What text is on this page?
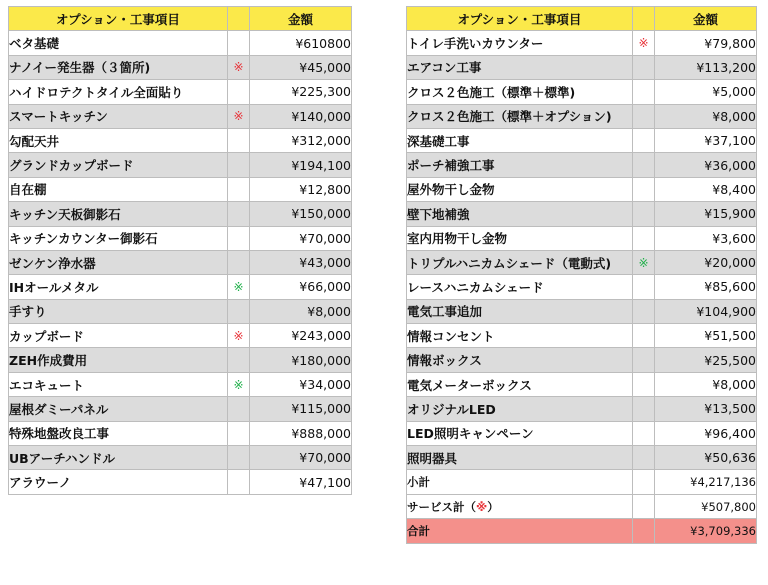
オプション・工事項目		金額
ベタ基礎		¥610800
ナノイー発生器（３箇所)	※	¥45,000
ハイドロテクトタイル全面貼り		¥225,300
スマートキッチン	※	¥140,000
勾配天井		¥312,000
グランドカップボード		¥194,100
自在棚		¥12,800
キッチン天板御影石		¥150,000
キッチンカウンター御影石		¥70,000
ゼンケン浄水器		¥43,000
IHオールメタル	※	¥66,000
手すり		¥8,000
カップボード	※	¥243,000
ZEH作成費用		¥180,000
エコキュート	※	¥34,000
屋根ダミーパネル		¥115,000
特殊地盤改良工事		¥888,000
UBアーチハンドル		¥70,000
アラウーノ		¥47,100
オプション・工事項目		金額
トイレ手洗いカウンター	※	¥79,800
エアコン工事		¥113,200
クロス２色施工（標準＋標準)		¥5,000
クロス２色施工（標準＋オプション)		¥8,000
深基礎工事		¥37,100
ポーチ補強工事		¥36,000
屋外物干し金物		¥8,400
壁下地補強		¥15,900
室内用物干し金物		¥3,600
トリプルハニカムシェード（電動式)	※	¥20,000
レースハニカムシェード		¥85,600
電気工事追加		¥104,900
情報コンセント		¥51,500
情報ボックス		¥25,500
電気メーターボックス		¥8,000
オリジナルLED		¥13,500
LED照明キャンペーン		¥96,400
照明器具		¥50,636
小計		¥4,217,136
サービス計（※）		¥507,800
合計		¥3,709,336
